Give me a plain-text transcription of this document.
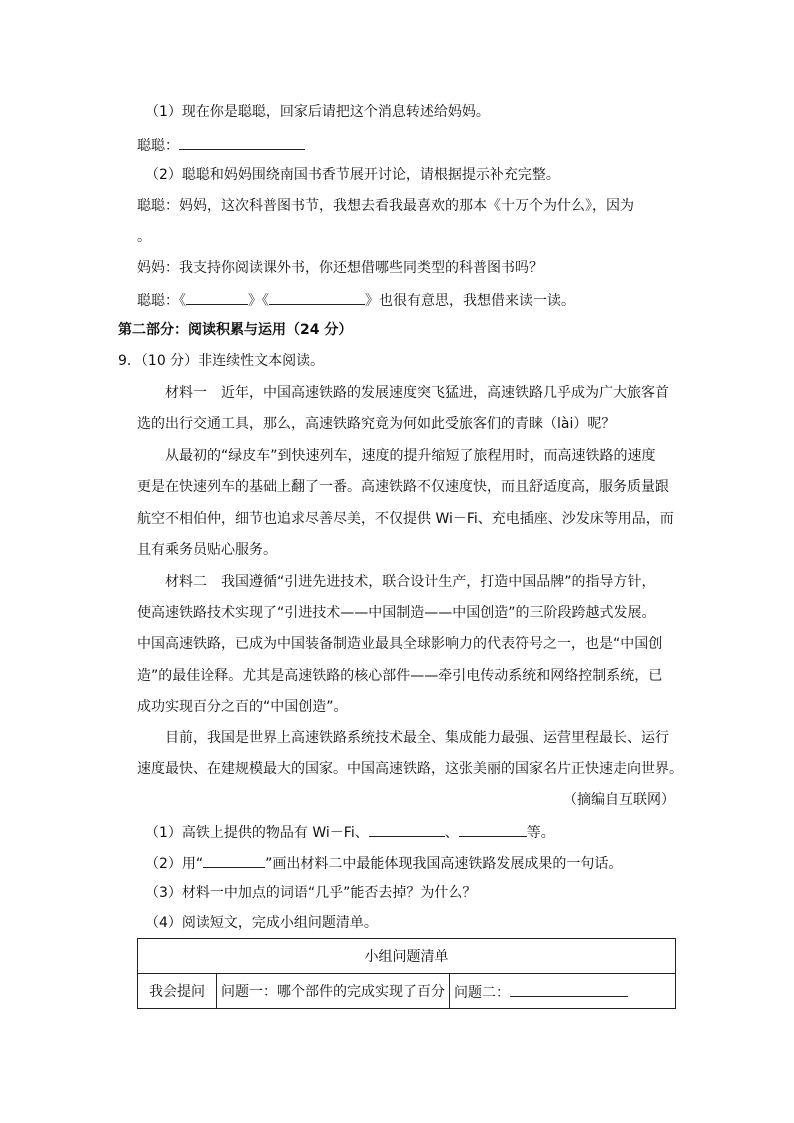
（1）现在你是聪聪，回家后请把这个消息转述给妈妈。
聪聪：
（2）聪聪和妈妈围绕南国书香节展开讨论，请根据提示补充完整。
聪聪：妈妈，这次科普图书节，我想去看我最喜欢的那本《十万个为什么》，因为
。
妈妈：我支持你阅读课外书，你还想借哪些同类型的科普图书吗？
聪聪：《	》《	》也很有意思，我想借来读一读。
第二部分：阅读积累与运用（24 分）
9．（10 分）非连续性文本阅读。
材料一　近年，中国高速铁路的发展速度突飞猛进，高速铁路几乎成为广大旅客首
选的出行交通工具，那么，高速铁路究竟为何如此受旅客们的青睐（lài）呢？
从最初的“绿皮车”到快速列车，速度的提升缩短了旅程用时，而高速铁路的速度
更是在快速列车的基础上翻了一番。高速铁路不仅速度快，而且舒适度高，服务质量跟
航空不相伯仲，细节也追求尽善尽美，不仅提供 Wi－Fi、充电插座、沙发床等用品，而
且有乘务员贴心服务。
材料二　我国遵循“引进先进技术，联合设计生产，打造中国品牌”的指导方针，
使高速铁路技术实现了“引进技术——中国制造——中国创造”的三阶段跨越式发展。
中国高速铁路，已成为中国装备制造业最具全球影响力的代表符号之一，也是“中国创
造”的最佳诠释。尤其是高速铁路的核心部件——牵引电传动系统和网络控制系统，已
成功实现百分之百的“中国创造”。
目前，我国是世界上高速铁路系统技术最全、集成能力最强、运营里程最长、运行
速度最快、在建规模最大的国家。中国高速铁路，这张美丽的国家名片正快速走向世界。
（摘编自互联网）
（1）高铁上提供的物品有 Wi－Fi、	、	等。
（2）用“	”画出材料二中最能体现我国高速铁路发展成果的一句话。
（3）材料一中加点的词语“几乎”能否去掉？为什么？
（4）阅读短文，完成小组问题清单。
小组问题清单
我会提问	问题一：哪个部件的完成实现了百分	问题二：
